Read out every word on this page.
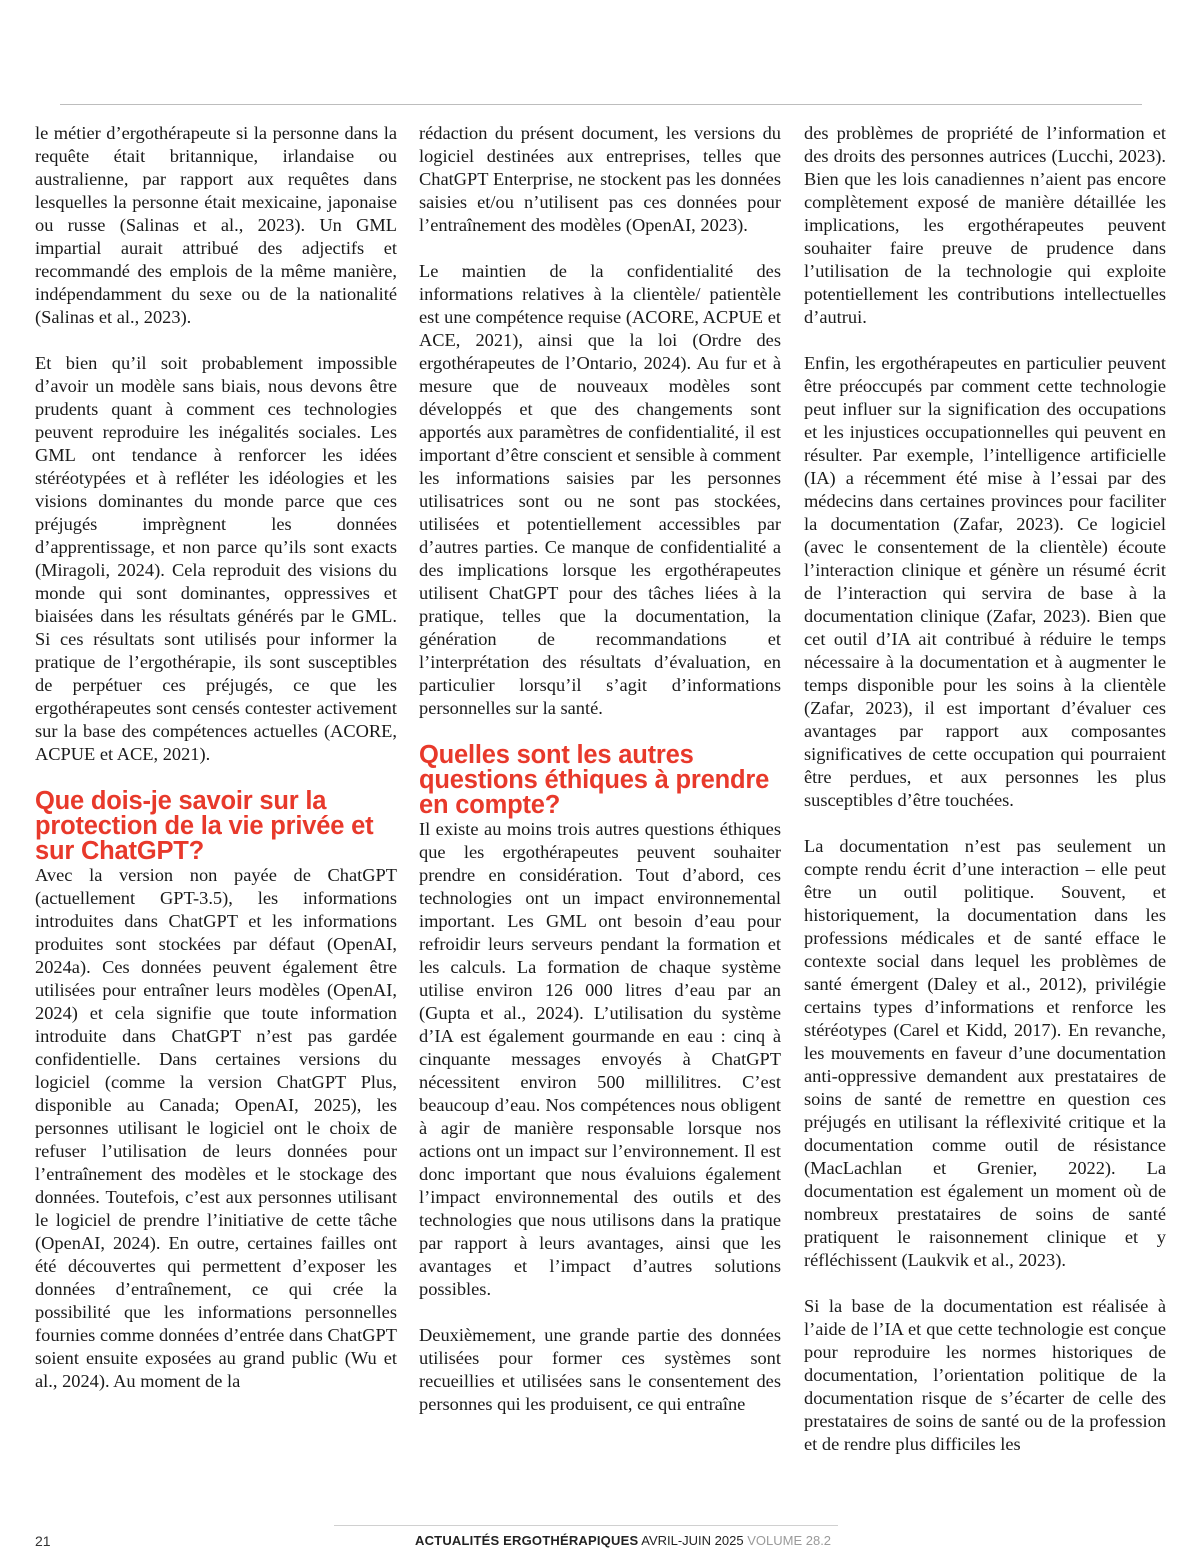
le métier d’ergothérapeute si la personne dans la requête était britannique, irlandaise ou australienne, par rapport aux requêtes dans lesquelles la personne était mexicaine, japonaise ou russe (Salinas et al., 2023). Un GML impartial aurait attribué des adjectifs et recommandé des emplois de la même manière, indépendamment du sexe ou de la nationalité (Salinas et al., 2023).

Et bien qu’il soit probablement impossible d’avoir un modèle sans biais, nous devons être prudents quant à comment ces technologies peuvent reproduire les inégalités sociales. Les GML ont tendance à renforcer les idées stéréotypées et à refléter les idéologies et les visions dominantes du monde parce que ces préjugés imprègnent les données d’apprentissage, et non parce qu’ils sont exacts (Miragoli, 2024). Cela reproduit des visions du monde qui sont dominantes, oppressives et biaisées dans les résultats générés par le GML. Si ces résultats sont utilisés pour informer la pratique de l’ergothérapie, ils sont susceptibles de perpétuer ces préjugés, ce que les ergothérapeutes sont censés contester activement sur la base des compétences actuelles (ACORE, ACPUE et ACE, 2021).

Que dois-je savoir sur la protection de la vie privée et sur ChatGPT?

Avec la version non payée de ChatGPT (actuellement GPT-3.5), les informations introduites dans ChatGPT et les informations produites sont stockées par défaut (OpenAI, 2024a). Ces données peuvent également être utilisées pour entraîner leurs modèles (OpenAI, 2024) et cela signifie que toute information introduite dans ChatGPT n’est pas gardée confidentielle. Dans certaines versions du logiciel (comme la version ChatGPT Plus, disponible au Canada; OpenAI, 2025), les personnes utilisant le logiciel ont le choix de refuser l’utilisation de leurs données pour l’entraînement des modèles et le stockage des données. Toutefois, c’est aux personnes utilisant le logiciel de prendre l’initiative de cette tâche (OpenAI, 2024). En outre, certaines failles ont été découvertes qui permettent d’exposer les données d’entraînement, ce qui crée la possibilité que les informations personnelles fournies comme données d’entrée dans ChatGPT soient ensuite exposées au grand public (Wu et al., 2024). Au moment de la

rédaction du présent document, les versions du logiciel destinées aux entreprises, telles que ChatGPT Enterprise, ne stockent pas les données saisies et/ou n’utilisent pas ces données pour l’entraînement des modèles (OpenAI, 2023).

Le maintien de la confidentialité des informations relatives à la clientèle/ patientèle est une compétence requise (ACORE, ACPUE et ACE, 2021), ainsi que la loi (Ordre des ergothérapeutes de l’Ontario, 2024). Au fur et à mesure que de nouveaux modèles sont développés et que des changements sont apportés aux paramètres de confidentialité, il est important d’être conscient et sensible à comment les informations saisies par les personnes utilisatrices sont ou ne sont pas stockées, utilisées et potentiellement accessibles par d’autres parties. Ce manque de confidentialité a des implications lorsque les ergothérapeutes utilisent ChatGPT pour des tâches liées à la pratique, telles que la documentation, la génération de recommandations et l’interprétation des résultats d’évaluation, en particulier lorsqu’il s’agit d’informations personnelles sur la santé.

Quelles sont les autres questions éthiques à prendre en compte?

Il existe au moins trois autres questions éthiques que les ergothérapeutes peuvent souhaiter prendre en considération. Tout d’abord, ces technologies ont un impact environnemental important. Les GML ont besoin d’eau pour refroidir leurs serveurs pendant la formation et les calculs. La formation de chaque système utilise environ 126 000 litres d’eau par an (Gupta et al., 2024). L’utilisation du système d’IA est également gourmande en eau : cinq à cinquante messages envoyés à ChatGPT nécessitent environ 500 millilitres. C’est beaucoup d’eau. Nos compétences nous obligent à agir de manière responsable lorsque nos actions ont un impact sur l’environnement. Il est donc important que nous évaluions également l’impact environnemental des outils et des technologies que nous utilisons dans la pratique par rapport à leurs avantages, ainsi que les avantages et l’impact d’autres solutions possibles.

Deuxièmement, une grande partie des données utilisées pour former ces systèmes sont recueillies et utilisées sans le consentement des personnes qui les produisent, ce qui entraîne

des problèmes de propriété de l’information et des droits des personnes autrices (Lucchi, 2023). Bien que les lois canadiennes n’aient pas encore complètement exposé de manière détaillée les implications, les ergothérapeutes peuvent souhaiter faire preuve de prudence dans l’utilisation de la technologie qui exploite potentiellement les contributions intellectuelles d’autrui.

Enfin, les ergothérapeutes en particulier peuvent être préoccupés par comment cette technologie peut influer sur la signification des occupations et les injustices occupationnelles qui peuvent en résulter. Par exemple, l’intelligence artificielle (IA) a récemment été mise à l’essai par des médecins dans certaines provinces pour faciliter la documentation (Zafar, 2023). Ce logiciel (avec le consentement de la clientèle) écoute l’interaction clinique et génère un résumé écrit de l’interaction qui servira de base à la documentation clinique (Zafar, 2023). Bien que cet outil d’IA ait contribué à réduire le temps nécessaire à la documentation et à augmenter le temps disponible pour les soins à la clientèle (Zafar, 2023), il est important d’évaluer ces avantages par rapport aux composantes significatives de cette occupation qui pourraient être perdues, et aux personnes les plus susceptibles d’être touchées.

La documentation n’est pas seulement un compte rendu écrit d’une interaction – elle peut être un outil politique. Souvent, et historiquement, la documentation dans les professions médicales et de santé efface le contexte social dans lequel les problèmes de santé émergent (Daley et al., 2012), privilégie certains types d’informations et renforce les stéréotypes (Carel et Kidd, 2017). En revanche, les mouvements en faveur d’une documentation anti-oppressive demandent aux prestataires de soins de santé de remettre en question ces préjugés en utilisant la réflexivité critique et la documentation comme outil de résistance (MacLachlan et Grenier, 2022). La documentation est également un moment où de nombreux prestataires de soins de santé pratiquent le raisonnement clinique et y réfléchissent (Laukvik et al., 2023).

Si la base de la documentation est réalisée à l’aide de l’IA et que cette technologie est conçue pour reproduire les normes historiques de documentation, l’orientation politique de la documentation risque de s’écarter de celle des prestataires de soins de santé ou de la profession et de rendre plus difficiles les

21	ACTUALITÉS ERGOTHÉRAPIQUES AVRIL-JUIN 2025 VOLUME 28.2
